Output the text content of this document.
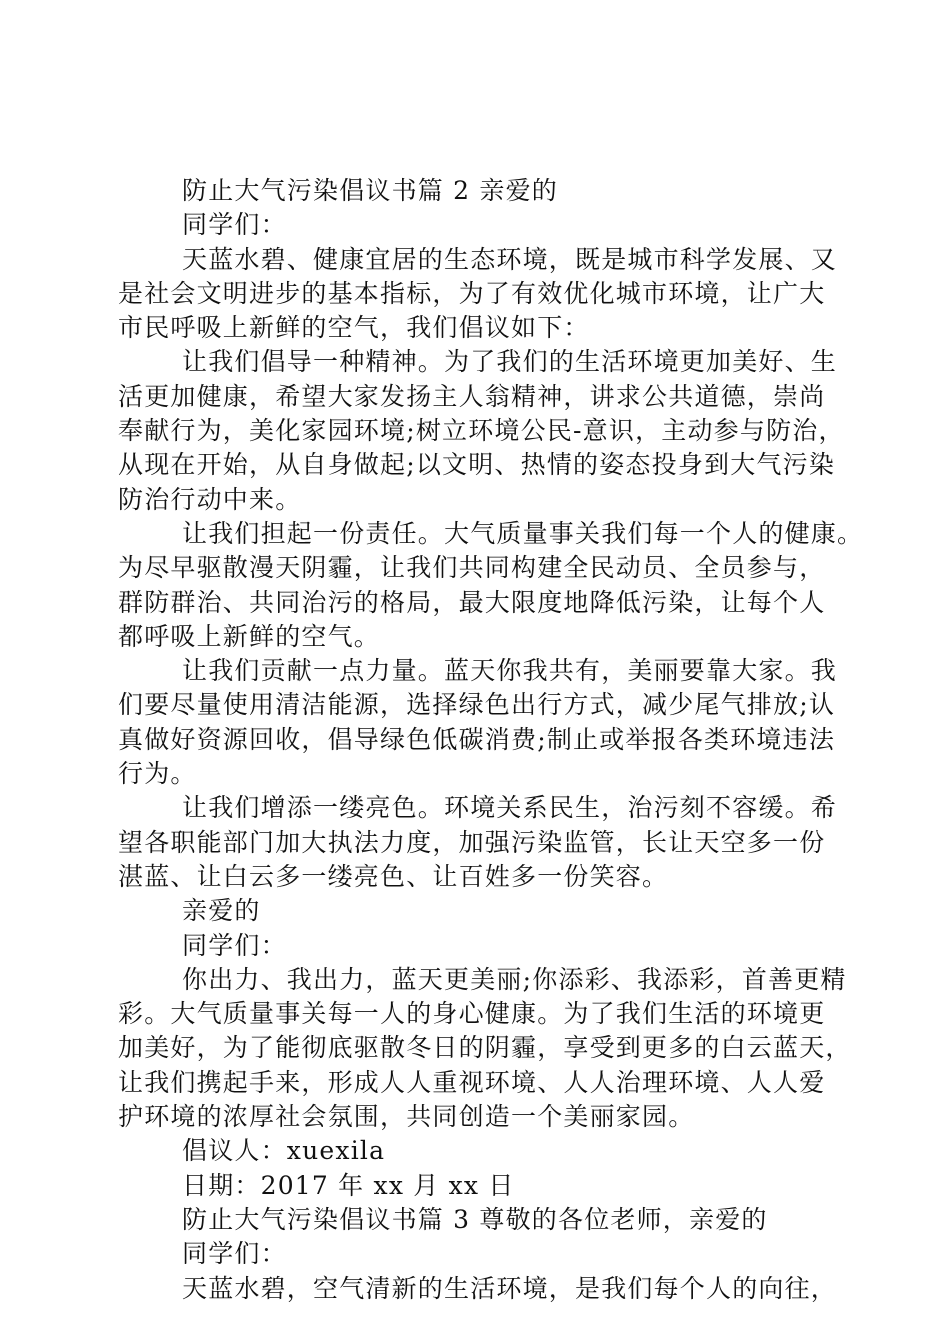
防止大气污染倡议书篇 2 亲爱的
同学们：
天蓝水碧、健康宜居的生态环境，既是城市科学发展、又
是社会文明进步的基本指标，为了有效优化城市环境，让广大
市民呼吸上新鲜的空气，我们倡议如下：
让我们倡导一种精神。为了我们的生活环境更加美好、生
活更加健康，希望大家发扬主人翁精神，讲求公共道德，崇尚
奉献行为，美化家园环境;树立环境公民-意识，主动参与防治，
从现在开始，从自身做起;以文明、热情的姿态投身到大气污染
防治行动中来。
让我们担起一份责任。大气质量事关我们每一个人的健康。
为尽早驱散漫天阴霾，让我们共同构建全民动员、全员参与，
群防群治、共同治污的格局，最大限度地降低污染，让每个人
都呼吸上新鲜的空气。
让我们贡献一点力量。蓝天你我共有，美丽要靠大家。我
们要尽量使用清洁能源，选择绿色出行方式，减少尾气排放;认
真做好资源回收，倡导绿色低碳消费;制止或举报各类环境违法
行为。
让我们增添一缕亮色。环境关系民生，治污刻不容缓。希
望各职能部门加大执法力度，加强污染监管，长让天空多一份
湛蓝、让白云多一缕亮色、让百姓多一份笑容。
亲爱的
同学们：
你出力、我出力，蓝天更美丽;你添彩、我添彩，首善更精
彩。大气质量事关每一人的身心健康。为了我们生活的环境更
加美好，为了能彻底驱散冬日的阴霾，享受到更多的白云蓝天，
让我们携起手来，形成人人重视环境、人人治理环境、人人爱
护环境的浓厚社会氛围，共同创造一个美丽家园。
倡议人：xuexila
日期：2017 年 xx 月 xx 日
防止大气污染倡议书篇 3 尊敬的各位老师，亲爱的
同学们：
天蓝水碧，空气清新的生活环境，是我们每个人的向往，
